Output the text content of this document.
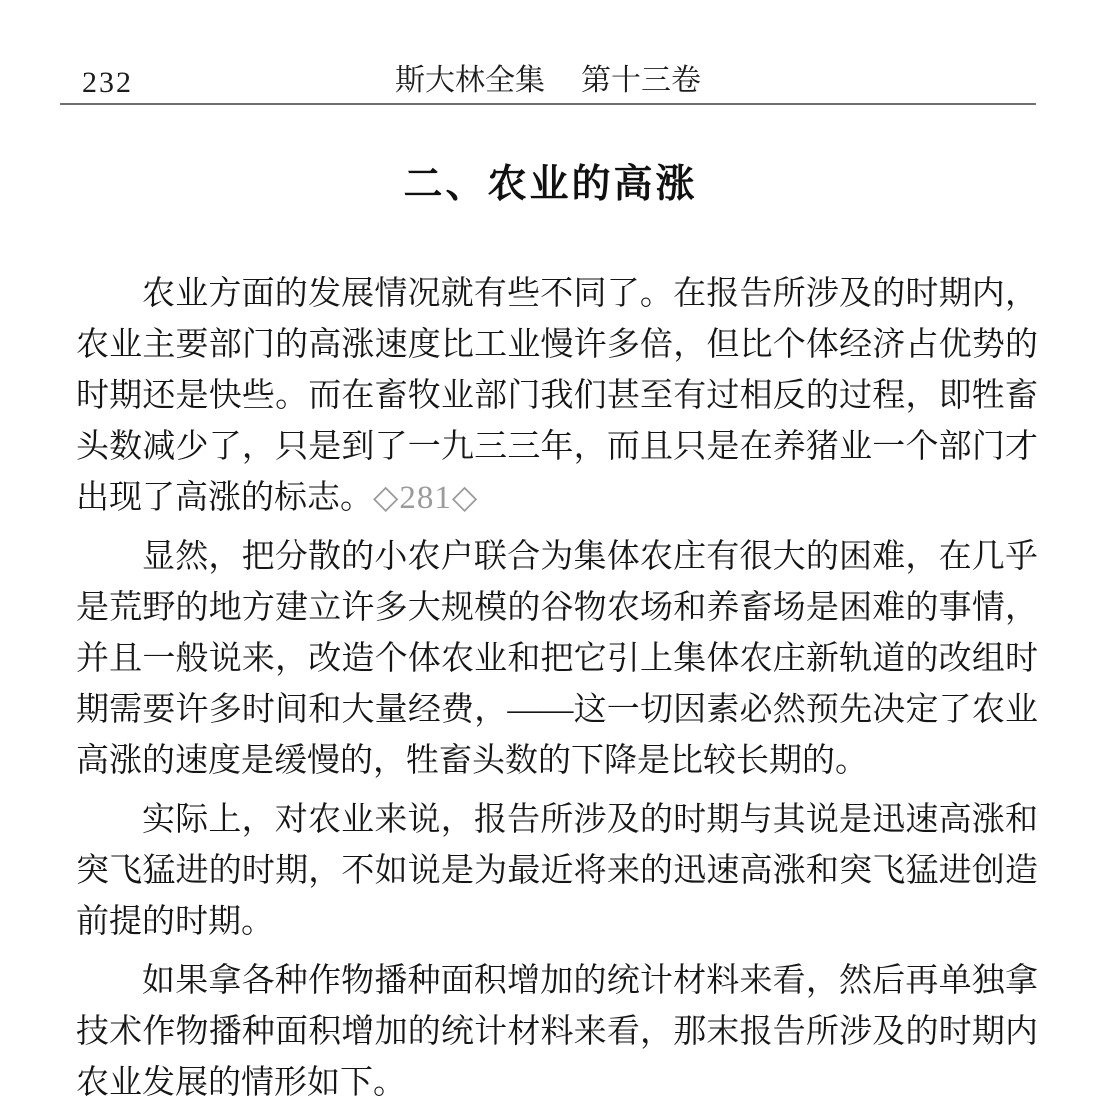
232	斯大林全集 第十三卷
二、农业的高涨

农业方面的发展情况就有些不同了。在报告所涉及的时期内，农业主要部门的高涨速度比工业慢许多倍，但比个体经济占优势的时期还是快些。而在畜牧业部门我们甚至有过相反的过程，即牲畜头数减少了，只是到了一九三三年，而且只是在养猪业一个部门才出现了高涨的标志。◇281◇

显然，把分散的小农户联合为集体农庄有很大的困难，在几乎是荒野的地方建立许多大规模的谷物农场和养畜场是困难的事情，并且一般说来，改造个体农业和把它引上集体农庄新轨道的改组时期需要许多时间和大量经费，——这一切因素必然预先决定了农业高涨的速度是缓慢的，牲畜头数的下降是比较长期的。

实际上，对农业来说，报告所涉及的时期与其说是迅速高涨和突飞猛进的时期，不如说是为最近将来的迅速高涨和突飞猛进创造前提的时期。

如果拿各种作物播种面积增加的统计材料来看，然后再单独拿技术作物播种面积增加的统计材料来看，那末报告所涉及的时期内农业发展的情形如下。
